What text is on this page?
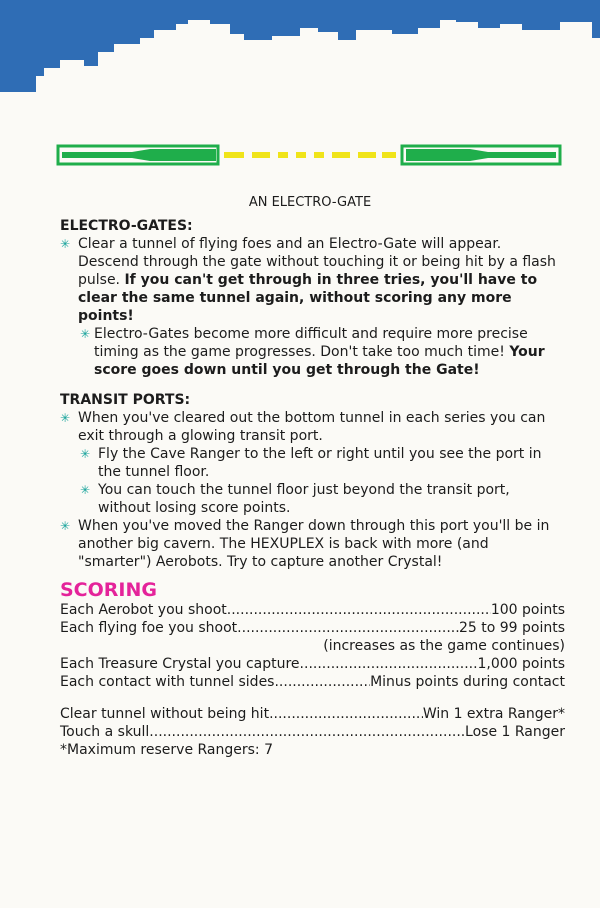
AN ELECTRO-GATE
ELECTRO-GATES:
✳ Clear a tunnel of flying foes and an Electro-Gate will appear. Descend through the gate without touching it or being hit by a flash pulse. If you can't get through in three tries, you'll have to clear the same tunnel again, without scoring any more points!
✳ Electro-Gates become more difficult and require more precise timing as the game progresses. Don't take too much time! Your score goes down until you get through the Gate!
TRANSIT PORTS:
✳ When you've cleared out the bottom tunnel in each series you can exit through a glowing transit port.
✳ Fly the Cave Ranger to the left or right until you see the port in the tunnel floor.
✳ You can touch the tunnel floor just beyond the transit port, without losing score points.
✳ When you've moved the Ranger down through this port you'll be in another big cavern. The HEXUPLEX is back with more (and "smarter") Aerobots. Try to capture another Crystal!
SCORING
Each Aerobot you shoot .....	100 points
Each flying foe you shoot .....	25 to 99 points
(increases as the game continues)
Each Treasure Crystal you capture .....	1,000 points
Each contact with tunnel sides .....	Minus points during contact
Clear tunnel without being hit .....	Win 1 extra Ranger*
Touch a skull .....	Lose 1 Ranger
*Maximum reserve Rangers: 7
